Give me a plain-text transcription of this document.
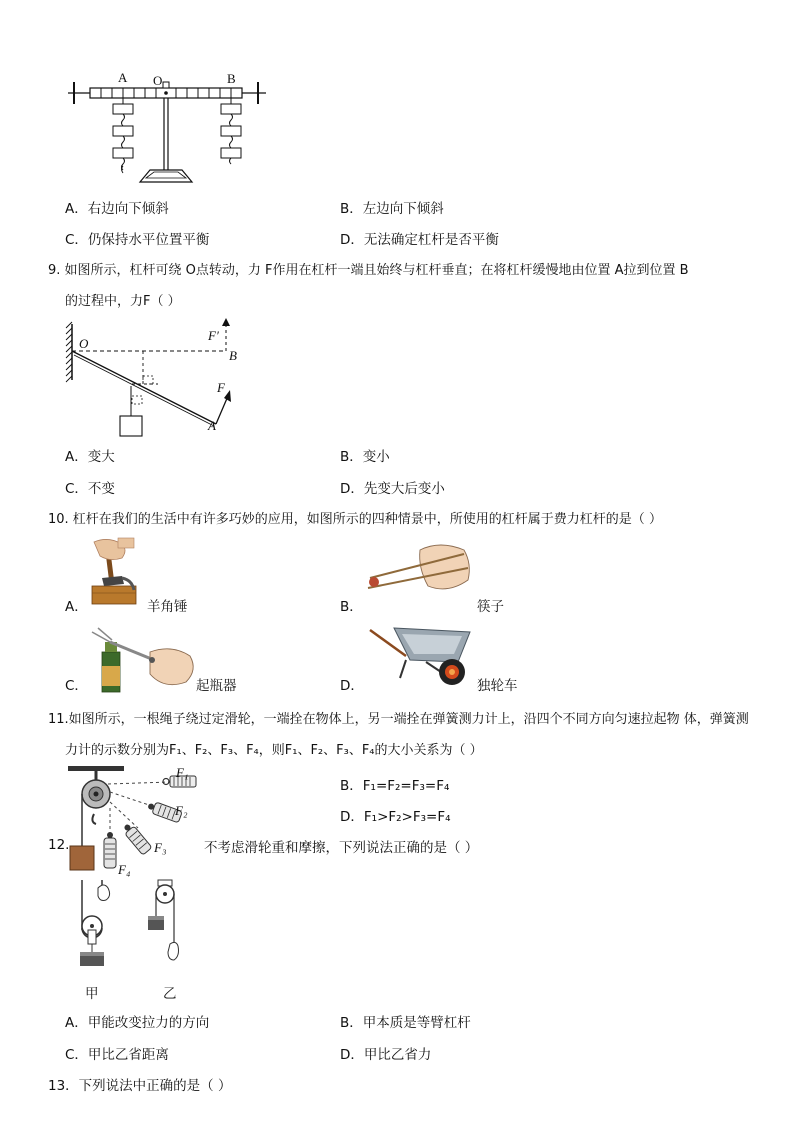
A O	B
A．右边向下倾斜	B．左边向下倾斜
C．仍保持水平位置平衡	D．无法确定杠杆是否平衡
9. 如图所示，杠杆可绕 O点转动，力 F作用在杠杆一端且始终与杠杆垂直；在将杠杆缓慢地由位置 A拉到位置 B
的过程中，力F（ ）
O
F′
B
F
A
A．变大	B．变小
C．不变	D．先变大后变小
10. 杠杆在我们的生活中有许多巧妙的应用，如图所示的四种情景中，所使用的杠杆属于费力杠杆的是（ ）
A．	羊角锤	B．	筷子
C．	起瓶器	D．	独轮车
11.如图所示，一根绳子绕过定滑轮，一端拴在物体上，另一端拴在弹簧测力计上，沿四个不同方向匀速拉起物 体，弹簧测
力计的示数分别为F₁、F₂、F₃、F₄，则F₁、F₂、F₃、F₄的大小关系为（ ）
F₁
F₂
F₃
F₄
B．F₁=F₂=F₃=F₄
D．F₁>F₂>F₃=F₄
12.	不考虑滑轮重和摩擦，下列说法正确的是（ ）
甲	乙
A．甲能改变拉力的方向	B．甲本质是等臂杠杆
C．甲比乙省距离	D．甲比乙省力
13．下列说法中正确的是（ ）
